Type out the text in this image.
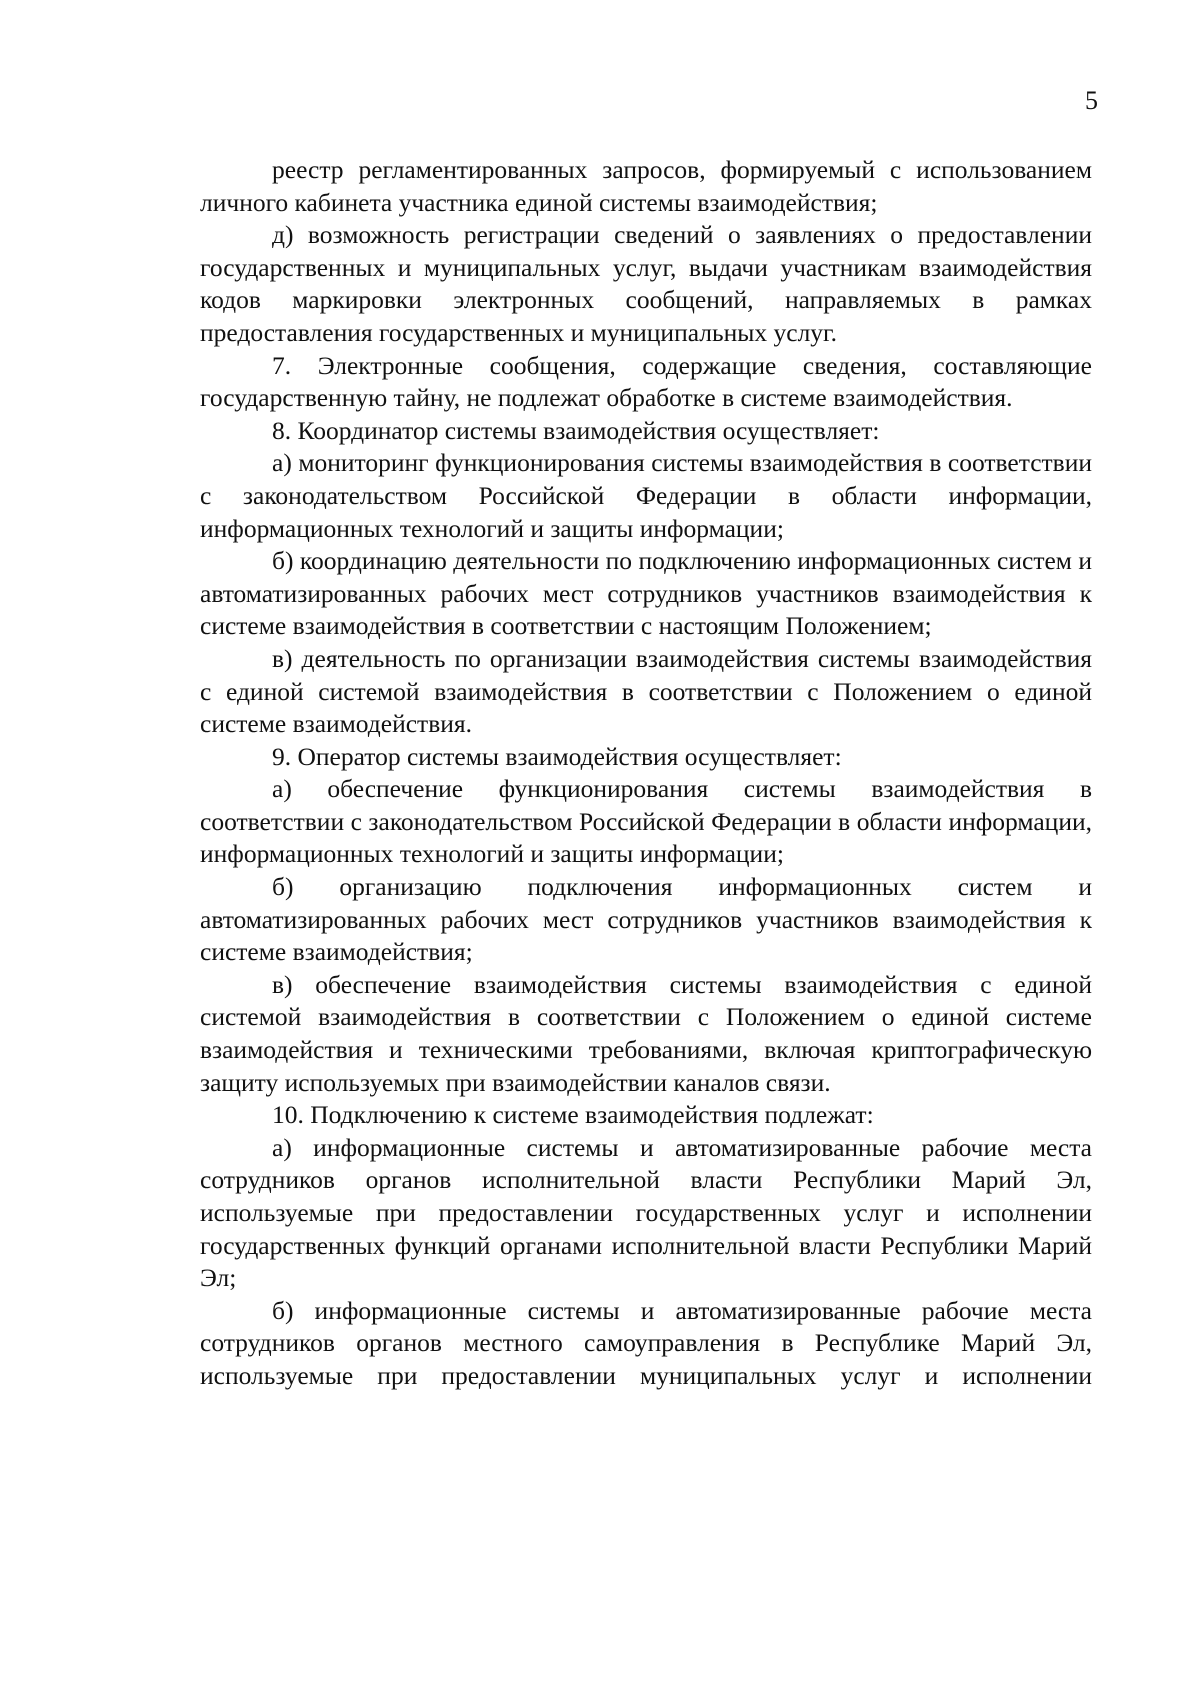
5

реестр регламентированных запросов, формируемый с использованием личного кабинета участника единой системы взаимодействия;

д) возможность регистрации сведений о заявлениях о предоставлении государственных и муниципальных услуг, выдачи участникам взаимодействия кодов маркировки электронных сообщений, направляемых в рамках предоставления государственных и муниципальных услуг.

7. Электронные сообщения, содержащие сведения, составляющие государственную тайну, не подлежат обработке в системе взаимодействия.

8. Координатор системы взаимодействия осуществляет:

а) мониторинг функционирования системы взаимодействия в соответствии с законодательством Российской Федерации в области информации, информационных технологий и защиты информации;

б) координацию деятельности по подключению информационных систем и автоматизированных рабочих мест сотрудников участников взаимодействия к системе взаимодействия в соответствии с настоящим Положением;

в) деятельность по организации взаимодействия системы взаимодействия с единой системой взаимодействия в соответствии с Положением о единой системе взаимодействия.

9. Оператор системы взаимодействия осуществляет:

а) обеспечение функционирования системы взаимодействия в соответствии с законодательством Российской Федерации в области информации, информационных технологий и защиты информации;

б) организацию подключения информационных систем и автоматизированных рабочих мест сотрудников участников взаимодействия к системе взаимодействия;

в) обеспечение взаимодействия системы взаимодействия с единой системой взаимодействия в соответствии с Положением о единой системе взаимодействия и техническими требованиями, включая криптографическую защиту используемых при взаимодействии каналов связи.

10. Подключению к системе взаимодействия подлежат:

а) информационные системы и автоматизированные рабочие места сотрудников органов исполнительной власти Республики Марий Эл, используемые при предоставлении государственных услуг и исполнении государственных функций органами исполнительной власти Республики Марий Эл;

б) информационные системы и автоматизированные рабочие места сотрудников органов местного самоуправления в Республике Марий Эл, используемые при предоставлении муниципальных услуг и исполнении
